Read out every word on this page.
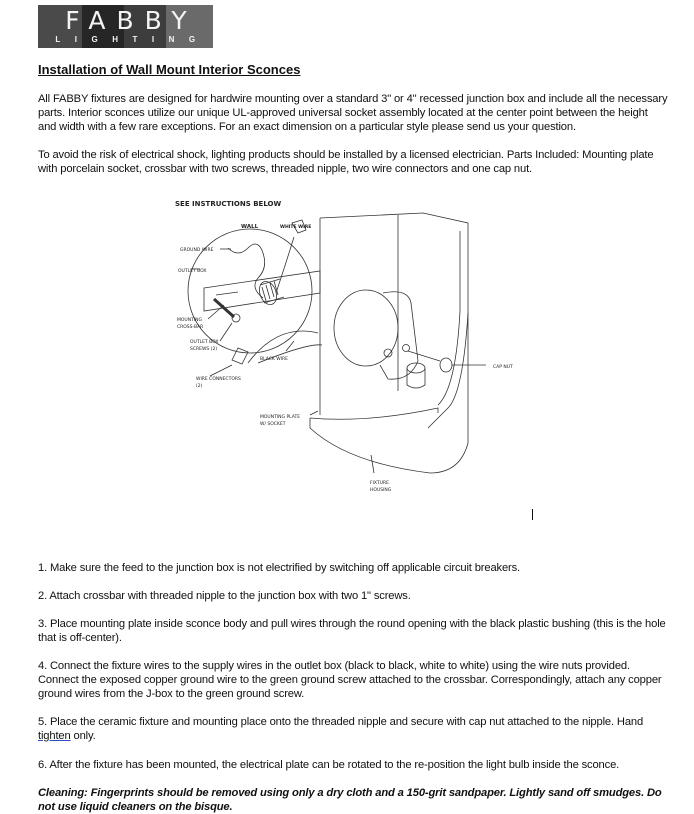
FABBY
LIGHTING
Installation of Wall Mount Interior Sconces
All FABBY fixtures are designed for hardwire mounting over a standard 3" or 4" recessed junction box and include all the necessary parts. Interior sconces utilize our unique UL-approved universal socket assembly located at the center point between the height and width with a few rare exceptions. For an exact dimension on a particular style please send us your question.
To avoid the risk of electrical shock, lighting products should be installed by a licensed electrician. Parts Included: Mounting plate with porcelain socket, crossbar with two screws, threaded nipple, two wire connectors and one cap nut.
SEE INSTRUCTIONS BELOW
WALL	WHITE WIRE
GROUND WIRE
OUTLET BOX
MOUNTING
CROSS-BAR
OUTLET BOX
SCREWS (2)
BLACK WIRE
WIRE CONNECTORS
(2)
MOUNTING PLATE
W/ SOCKET
CAP NUT
FIXTURE
HOUSING
1. Make sure the feed to the junction box is not electrified by switching off applicable circuit breakers.
2. Attach crossbar with threaded nipple to the junction box with two 1" screws.
3. Place mounting plate inside sconce body and pull wires through the round opening with the black plastic bushing (this is the hole that is off-center).
4. Connect the fixture wires to the supply wires in the outlet box (black to black, white to white) using the wire nuts provided. Connect the exposed copper ground wire to the green ground screw attached to the crossbar. Correspondingly, attach any copper ground wires from the J-box to the green ground screw.
5. Place the ceramic fixture and mounting place onto the threaded nipple and secure with cap nut attached to the nipple. Hand tighten only.
6. After the fixture has been mounted, the electrical plate can be rotated to the re-position the light bulb inside the sconce.
Cleaning: Fingerprints should be removed using only a dry cloth and a 150-grit sandpaper. Lightly sand off smudges. Do not use liquid cleaners on the bisque.
